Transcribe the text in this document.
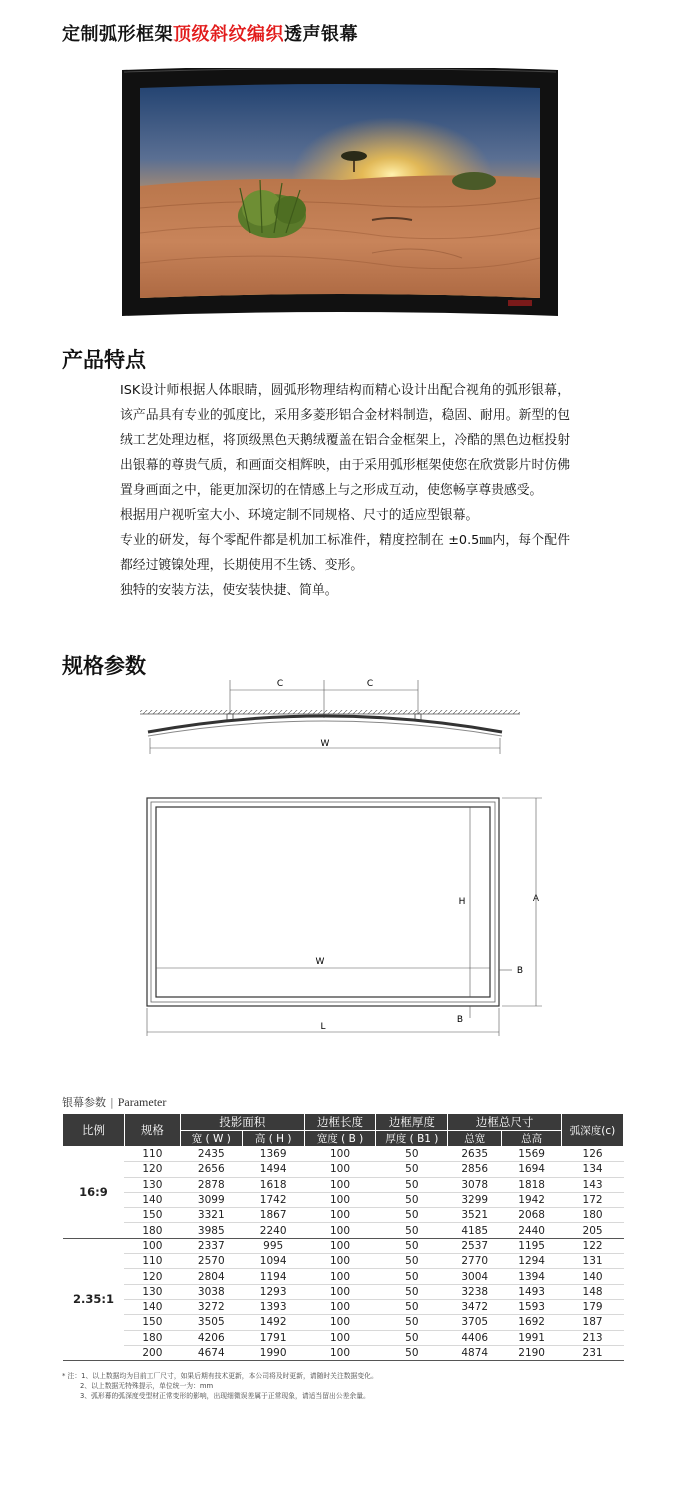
定制弧形框架顶级斜纹编织透声银幕
产品特点

ISK设计师根据人体眼睛，圆弧形物理结构而精心设计出配合视角的弧形银幕，该产品具有专业的弧度比，采用多菱形铝合金材料制造，稳固、耐用。新型的包绒工艺处理边框，将顶级黑色天鹅绒覆盖在铝合金框架上，冷酷的黑色边框投射出银幕的尊贵气质，和画面交相辉映，由于采用弧形框架使您在欣赏影片时仿佛置身画面之中，能更加深切的在情感上与之形成互动，使您畅享尊贵感受。

根据用户视听室大小、环境定制不同规格、尺寸的适应型银幕。

专业的研发，每个零配件都是机加工标准件，精度控制在 ±0.5㎜内，每个配件都经过镀镍处理，长期使用不生锈、变形。

独特的安装方法，使安装快捷、简单。

规格参数
C	C
W
H	A
W
B
B
L
银幕参数 | Parameter
比例	规格	投影面积		边框长度	边框厚度	边框总尺寸		弧深度(c)
		宽 ( W )	高 ( H )	宽度 ( B )	厚度 ( B1 )	总宽	总高	
16:9	110	2435	1369	100	50	2635	1569	126
	120	2656	1494	100	50	2856	1694	134
	130	2878	1618	100	50	3078	1818	143
	140	3099	1742	100	50	3299	1942	172
	150	3321	1867	100	50	3521	2068	180
	180	3985	2240	100	50	4185	2440	205
2.35:1	100	2337	995	100	50	2537	1195	122
	110	2570	1094	100	50	2770	1294	131
	120	2804	1194	100	50	3004	1394	140
	130	3038	1293	100	50	3238	1493	148
	140	3272	1393	100	50	3472	1593	179
	150	3505	1492	100	50	3705	1692	187
	180	4206	1791	100	50	4406	1991	213
	200	4674	1990	100	50	4874	2190	231
* 注：1、以上数据均为目前工厂尺寸，如果后期有技术更新，本公司将及时更新，请随时关注数据变化。
2、以上数据无特殊提示，单位统一为：mm
3、弧形幕的弧深度受型材正常变形的影响，出现细微误差属于正常现象，请适当留出公差余量。
